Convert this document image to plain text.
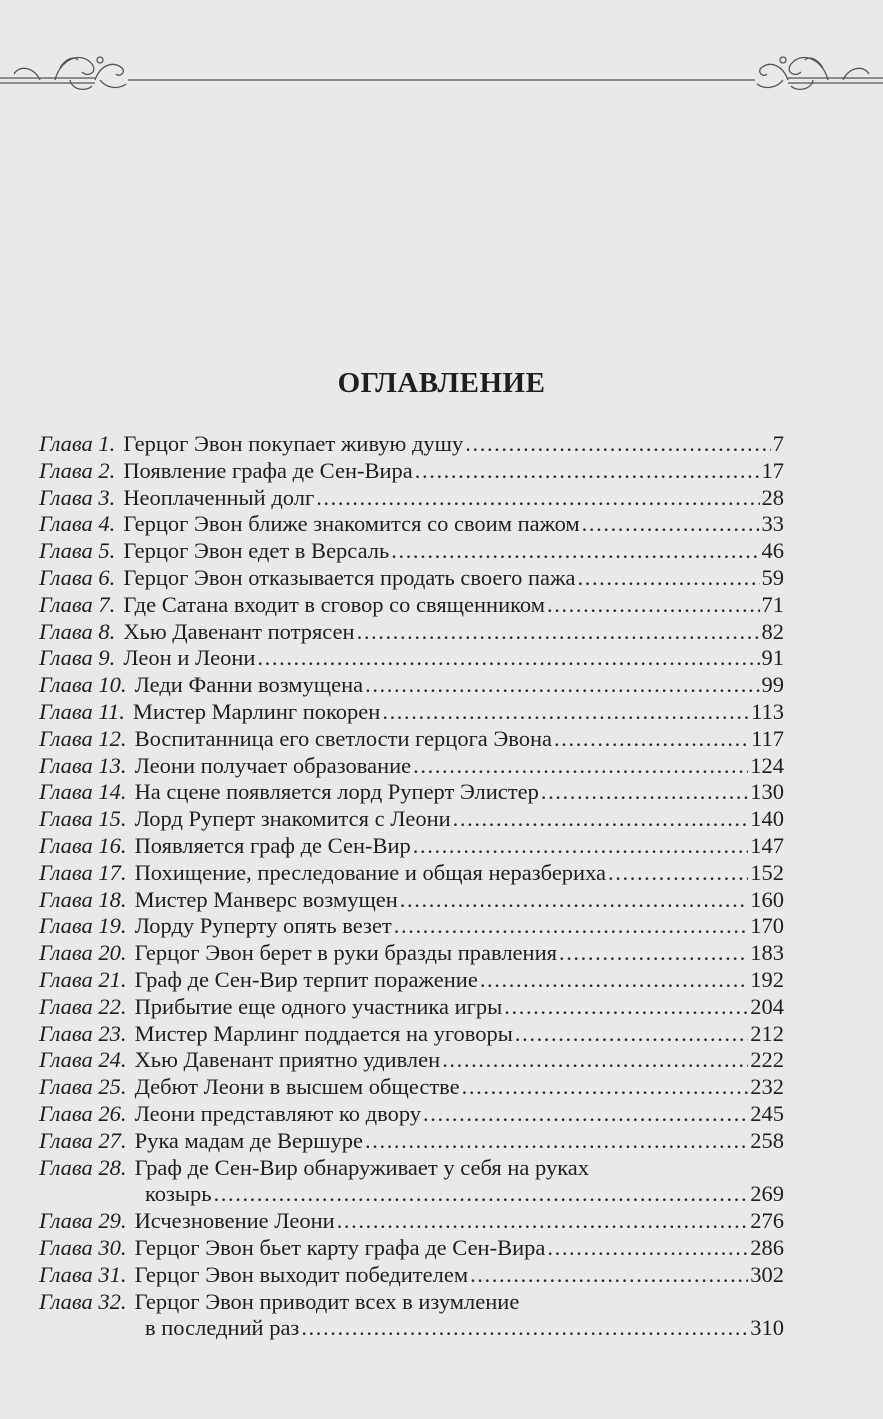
ОГЛАВЛЕНИЕ
Глава 1. Герцог Эвон покупает живую душу .....	7
Глава 2. Появление графа де Сен-Вира .....	17
Глава 3. Неоплаченный долг .....	28
Глава 4. Герцог Эвон ближе знакомится со своим пажом .....	33
Глава 5. Герцог Эвон едет в Версаль .....	46
Глава 6. Герцог Эвон отказывается продать своего пажа .....	59
Глава 7. Где Сатана входит в сговор со священником .....	71
Глава 8. Хью Давенант потрясен .....	82
Глава 9. Леон и Леони .....	91
Глава 10. Леди Фанни возмущена .....	99
Глава 11. Мистер Марлинг покорен .....	113
Глава 12. Воспитанница его светлости герцога Эвона .....	117
Глава 13. Леони получает образование .....	124
Глава 14. На сцене появляется лорд Руперт Элистер .....	130
Глава 15. Лорд Руперт знакомится с Леони .....	140
Глава 16. Появляется граф де Сен-Вир .....	147
Глава 17. Похищение, преследование и общая неразбериха .....	152
Глава 18. Мистер Манверс возмущен .....	160
Глава 19. Лорду Руперту опять везет .....	170
Глава 20. Герцог Эвон берет в руки бразды правления .....	183
Глава 21. Граф де Сен-Вир терпит поражение .....	192
Глава 22. Прибытие еще одного участника игры .....	204
Глава 23. Мистер Марлинг поддается на уговоры .....	212
Глава 24. Хью Давенант приятно удивлен .....	222
Глава 25. Дебют Леони в высшем обществе .....	232
Глава 26. Леони представляют ко двору .....	245
Глава 27. Рука мадам де Вершуре .....	258
Глава 28. Граф де Сен-Вир обнаруживает у себя на руках
козырь .....	269
Глава 29. Исчезновение Леони .....	276
Глава 30. Герцог Эвон бьет карту графа де Сен-Вира .....	286
Глава 31. Герцог Эвон выходит победителем .....	302
Глава 32. Герцог Эвон приводит всех в изумление
в последний раз .....	310
